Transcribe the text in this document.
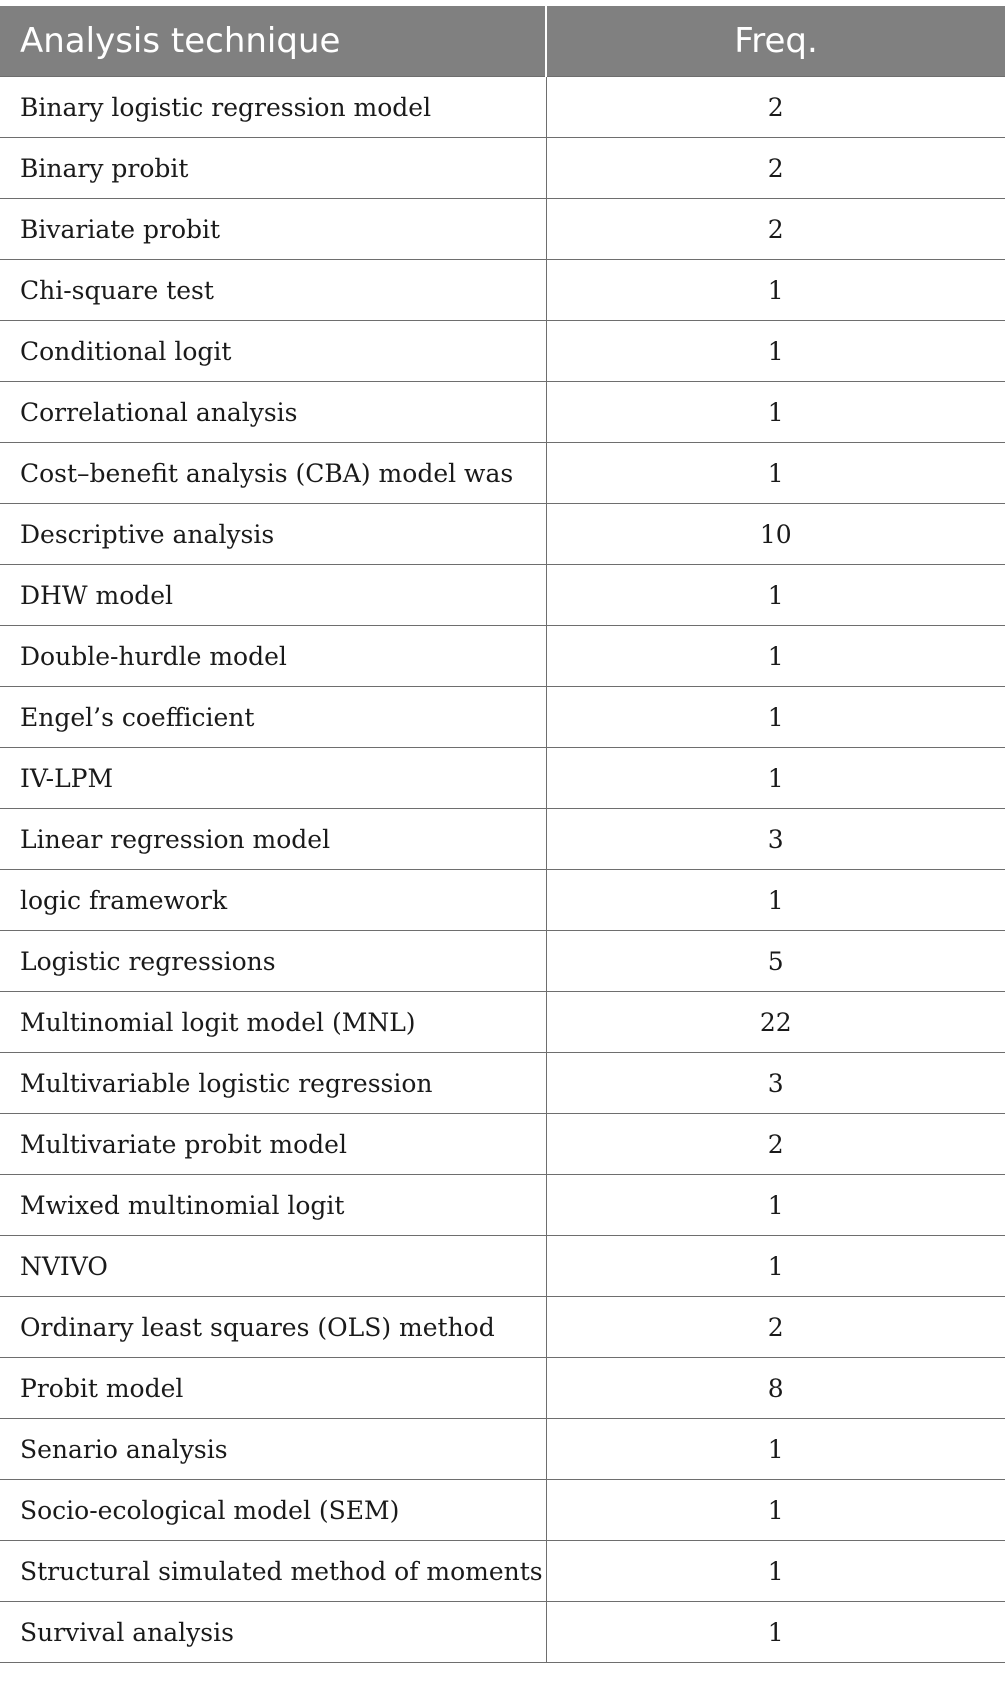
Analysis technique	Freq.
Binary logistic regression model	2
Binary probit	2
Bivariate probit	2
Chi-square test	1
Conditional logit	1
Correlational analysis	1
Cost–benefit analysis (CBA) model was	1
Descriptive analysis	10
DHW model	1
Double-hurdle model	1
Engel’s coefficient	1
IV-LPM	1
Linear regression model	3
logic framework	1
Logistic regressions	5
Multinomial logit model (MNL)	22
Multivariable logistic regression	3
Multivariate probit model	2
Mwixed multinomial logit	1
NVIVO	1
Ordinary least squares (OLS) method	2
Probit model	8
Senario analysis	1
Socio-ecological model (SEM)	1
Structural simulated method of moments	1
Survival analysis	1
